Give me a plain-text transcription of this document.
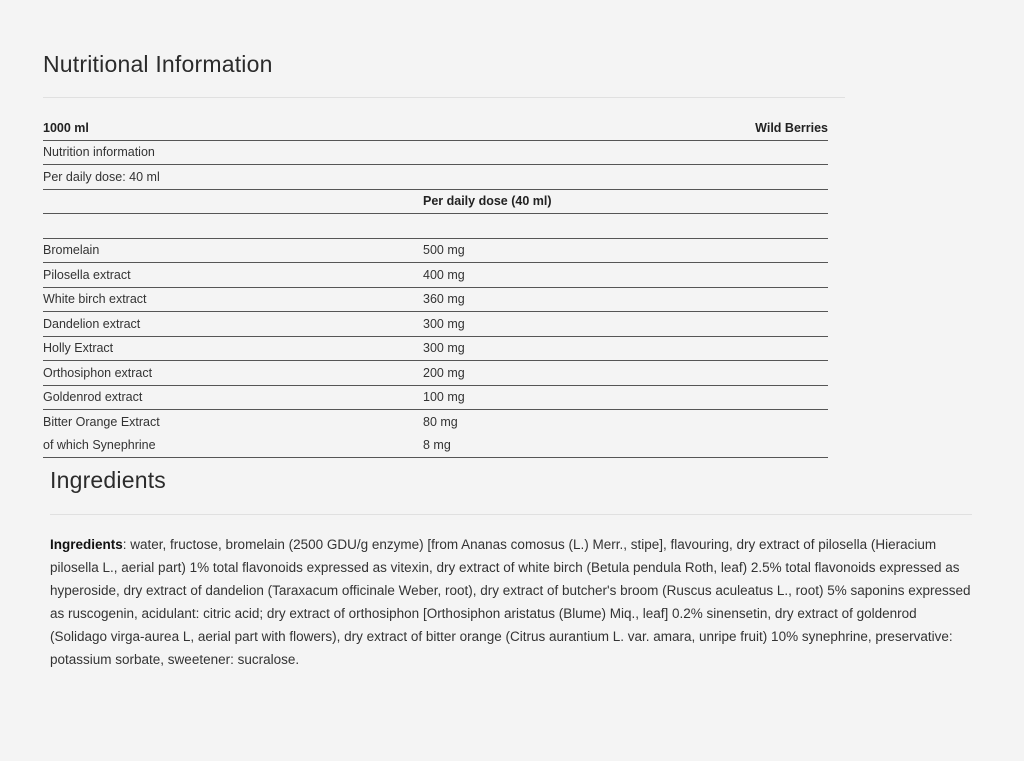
Nutritional Information
1000 ml		Wild Berries
Nutrition information		
Per daily dose: 40 ml		
	Per daily dose (40 ml)	

Bromelain	500 mg	
Pilosella extract	400 mg	
White birch extract	360 mg	
Dandelion extract	300 mg	
Holly Extract	300 mg	
Orthosiphon extract	200 mg	
Goldenrod extract	100 mg	
Bitter Orange Extract	80 mg	
of which Synephrine	8 mg	
Ingredients

Ingredients: water, fructose, bromelain (2500 GDU/g enzyme) [from Ananas comosus (L.) Merr., stipe], flavouring, dry extract of pilosella (Hieracium pilosella L., aerial part) 1% total flavonoids expressed as vitexin, dry extract of white birch (Betula pendula Roth, leaf) 2.5% total flavonoids expressed as hyperoside, dry extract of dandelion (Taraxacum officinale Weber, root), dry extract of butcher's broom (Ruscus aculeatus L., root) 5% saponins expressed as ruscogenin, acidulant: citric acid; dry extract of orthosiphon [Orthosiphon aristatus (Blume) Miq., leaf] 0.2% sinensetin, dry extract of goldenrod (Solidago virga-aurea L, aerial part with flowers), dry extract of bitter orange (Citrus aurantium L. var. amara, unripe fruit) 10% synephrine, preservative: potassium sorbate, sweetener: sucralose.
